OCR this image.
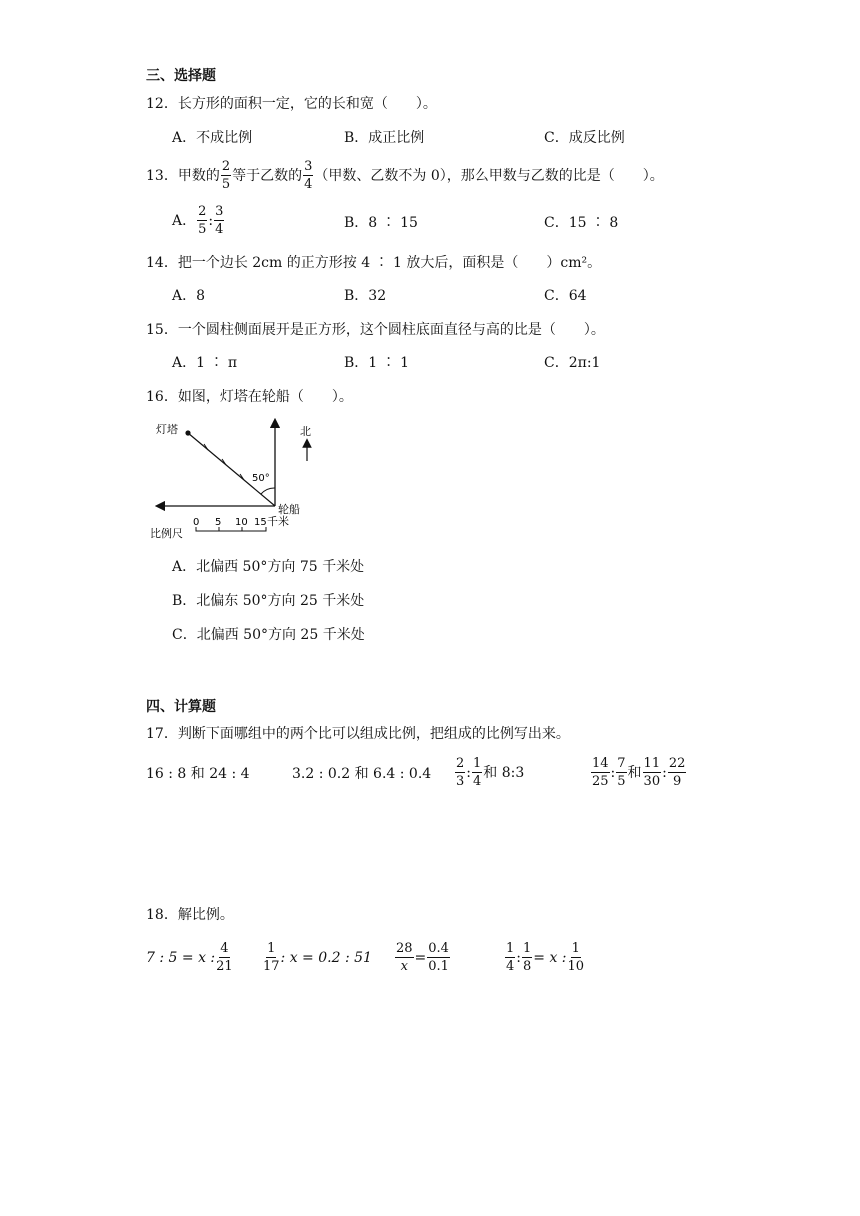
三、选择题
12．长方形的面积一定，它的长和宽（　　）。
A．不成比例	B．成正比例	C．成反比例
13．甲数的 $\frac{2}{5}$ 等于乙数的 $\frac{3}{4}$ （甲数、乙数不为 0），那么甲数与乙数的比是（　　）。
A． $\frac{2}{5}$ : $\frac{3}{4}$	B．8 ∶ 15	C．15 ∶ 8
14．把一个边长 2cm 的正方形按 4 ∶ 1 放大后，面积是（　　）cm²。
A．8	B．32	C．64
15．一个圆柱侧面展开是正方形，这个圆柱底面直径与高的比是（　　）。
A．1 ∶ π	B．1 ∶ 1	C．2π:1
16．如图，灯塔在轮船（　　）。
50°
灯塔
轮船
北
比例尺
0 5 10 15 千米
A．北偏西 50°方向 75 千米处
B．北偏东 50°方向 25 千米处
C．北偏西 50°方向 25 千米处
四、计算题
17．判断下面哪组中的两个比可以组成比例，把组成的比例写出来。
16 : 8 和 24 : 4	3.2 : 0.2 和 6.4 : $0.4 \frac{2}{3}$ : $\frac{1}{4}$ 和 8:3	$\frac{14}{25}$ : $\frac{7}{5}$ 和 $\frac{11}{30}$ : $\frac{22}{9}$
18．解比例。
7 : 5 = x : $\frac{4}{21} \frac{1}{17}$ : x = 0.2 : $51 \frac{28}{x} = \frac{0.4}{0.1}$	$\frac{1}{4}$ : $\frac{1}{8} = x$ : $\frac{1}{10}$
